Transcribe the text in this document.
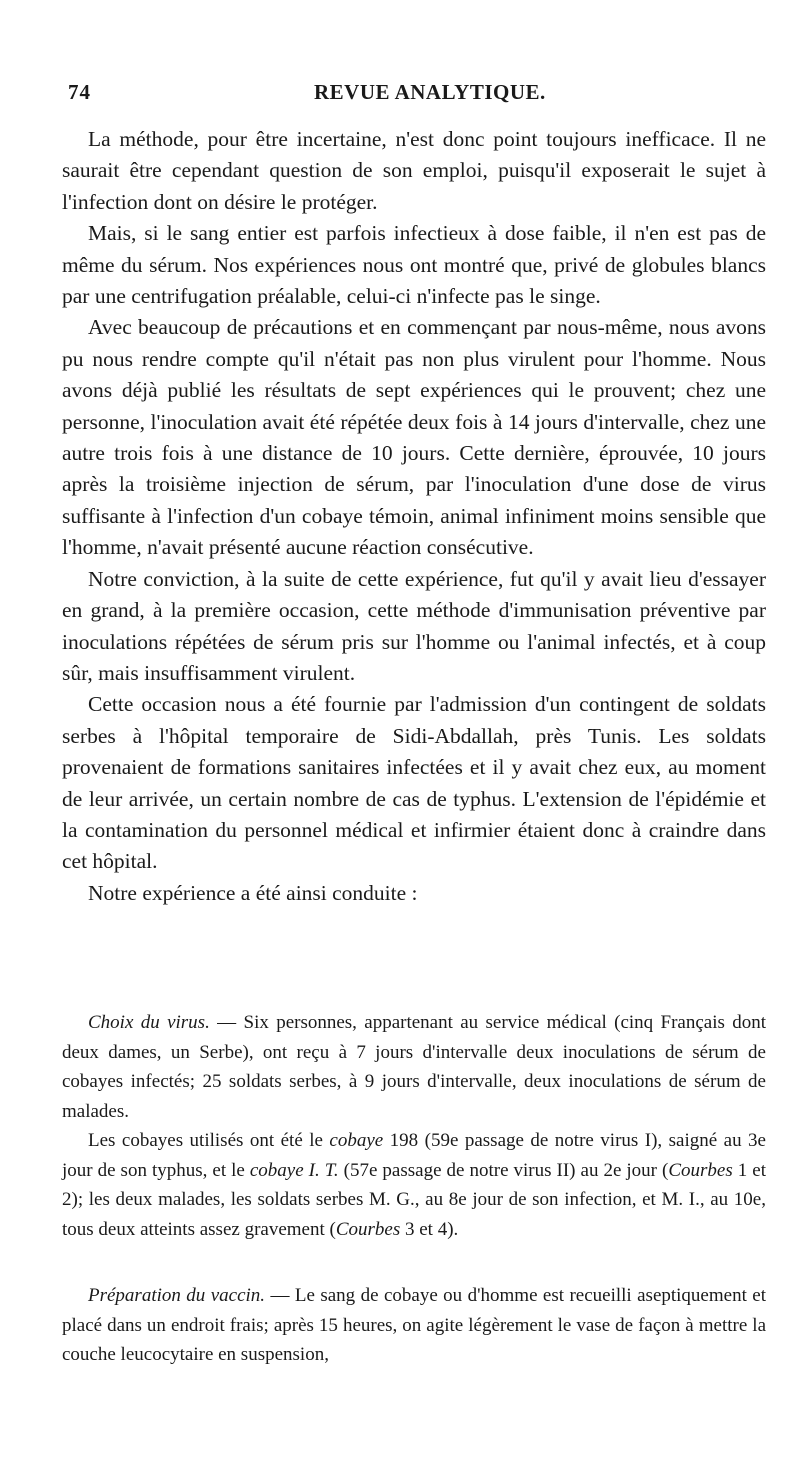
74	REVUE ANALYTIQUE.

La méthode, pour être incertaine, n'est donc point toujours inefficace. Il ne saurait être cependant question de son emploi, puisqu'il exposerait le sujet à l'infection dont on désire le protéger.

Mais, si le sang entier est parfois infectieux à dose faible, il n'en est pas de même du sérum. Nos expériences nous ont montré que, privé de globules blancs par une centrifugation préalable, celui-ci n'infecte pas le singe.

Avec beaucoup de précautions et en commençant par nous-même, nous avons pu nous rendre compte qu'il n'était pas non plus virulent pour l'homme. Nous avons déjà publié les résultats de sept expériences qui le prouvent; chez une personne, l'inoculation avait été répétée deux fois à 14 jours d'intervalle, chez une autre trois fois à une distance de 10 jours. Cette dernière, éprouvée, 10 jours après la troisième injection de sérum, par l'inoculation d'une dose de virus suffisante à l'infection d'un cobaye témoin, animal infiniment moins sensible que l'homme, n'avait présenté aucune réaction consécutive.

Notre conviction, à la suite de cette expérience, fut qu'il y avait lieu d'essayer en grand, à la première occasion, cette méthode d'immunisation préventive par inoculations répétées de sérum pris sur l'homme ou l'animal infectés, et à coup sûr, mais insuffisamment virulent.

Cette occasion nous a été fournie par l'admission d'un contingent de soldats serbes à l'hôpital temporaire de Sidi-Abdallah, près Tunis. Les soldats provenaient de formations sanitaires infectées et il y avait chez eux, au moment de leur arrivée, un certain nombre de cas de typhus. L'extension de l'épidémie et la contamination du personnel médical et infirmier étaient donc à craindre dans cet hôpital.

Notre expérience a été ainsi conduite :

Choix du virus. — Six personnes, appartenant au service médical (cinq Français dont deux dames, un Serbe), ont reçu à 7 jours d'intervalle deux inoculations de sérum de cobayes infectés; 25 soldats serbes, à 9 jours d'intervalle, deux inoculations de sérum de malades.

Les cobayes utilisés ont été le cobaye 198 (59e passage de notre virus I), saigné au 3e jour de son typhus, et le cobaye I. T. (57e passage de notre virus II) au 2e jour (Courbes 1 et 2); les deux malades, les soldats serbes M. G., au 8e jour de son infection, et M. I., au 10e, tous deux atteints assez gravement (Courbes 3 et 4).

Préparation du vaccin. — Le sang de cobaye ou d'homme est recueilli aseptiquement et placé dans un endroit frais; après 15 heures, on agite légèrement le vase de façon à mettre la couche leucocytaire en suspension,
